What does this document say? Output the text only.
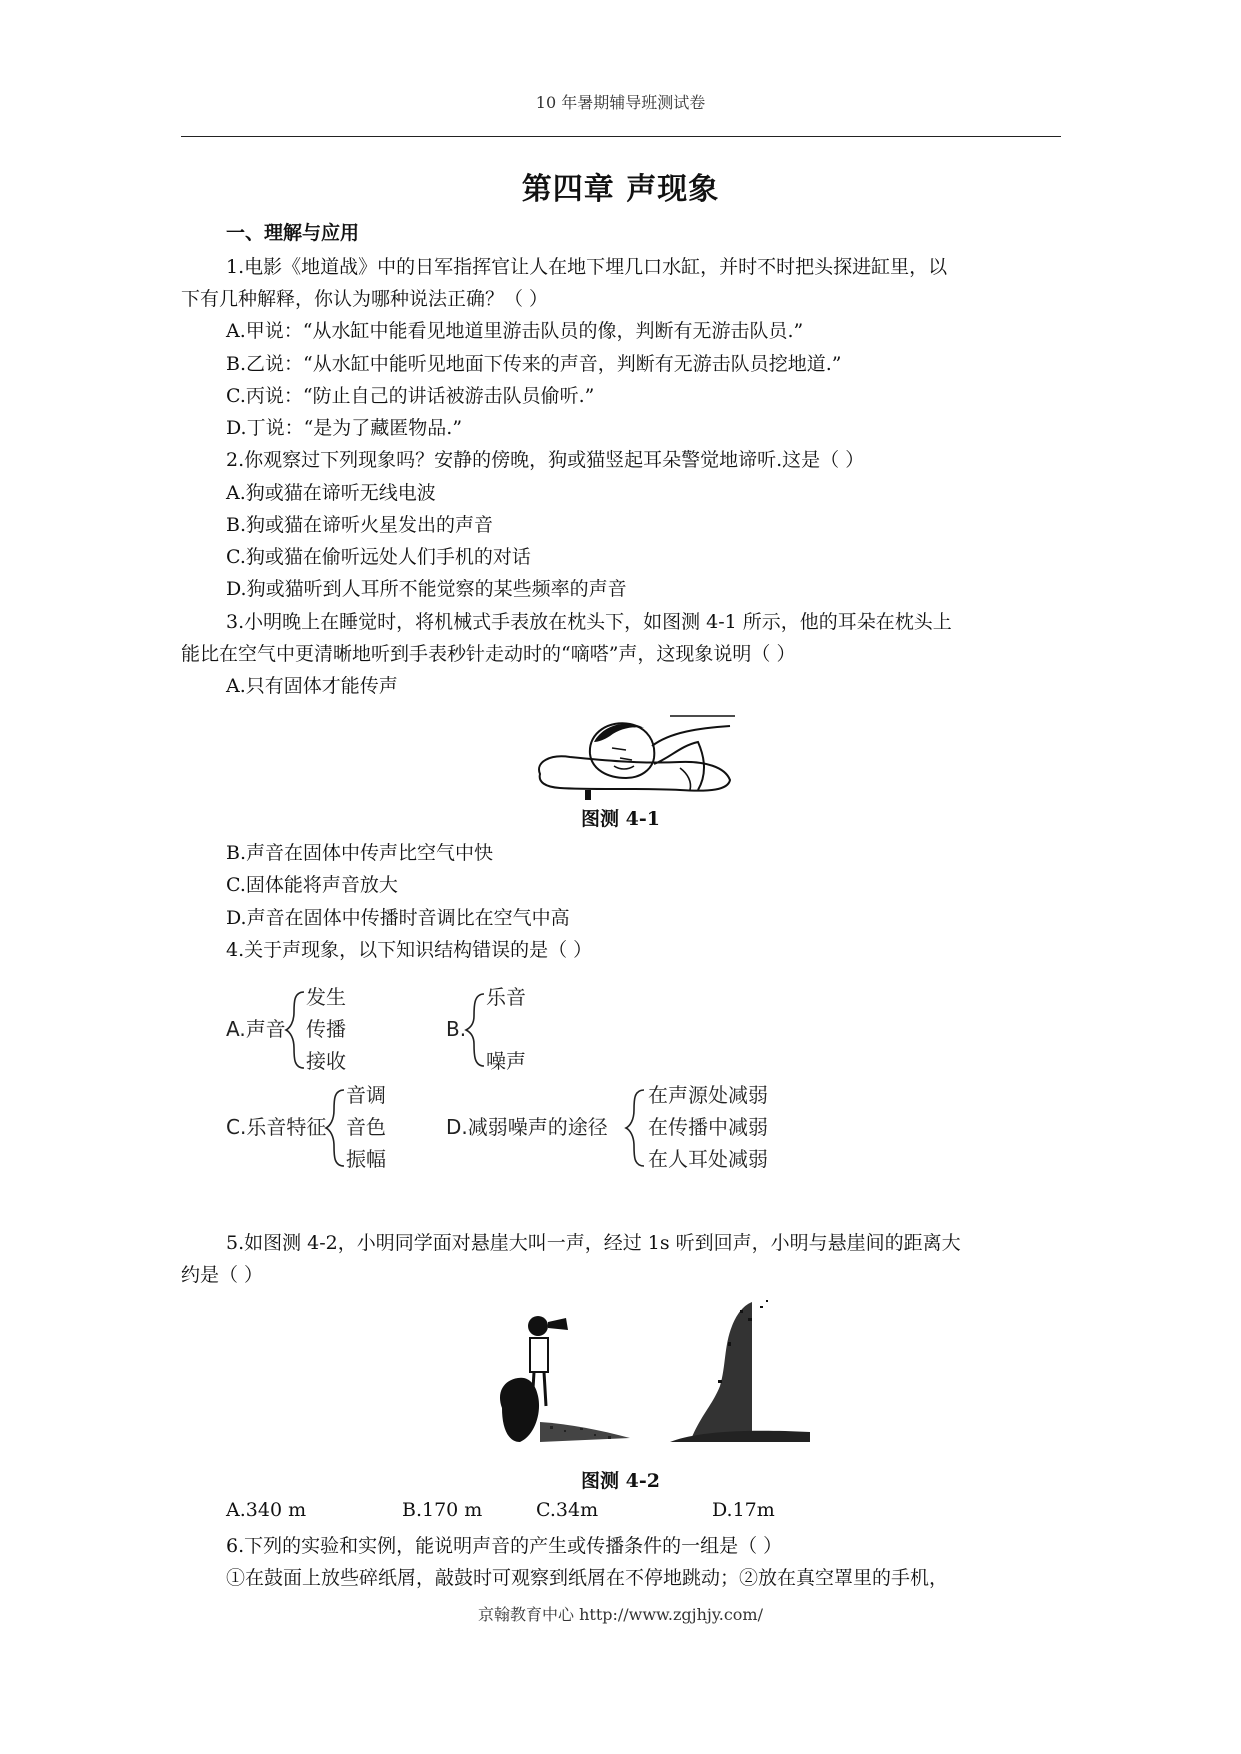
10 年暑期辅导班测试卷
第四章 声现象
一、理解与应用
1.电影《地道战》中的日军指挥官让人在地下埋几口水缸，并时不时把头探进缸里，以
下有几种解释，你认为哪种说法正确？（ ）
A.甲说：“从水缸中能看见地道里游击队员的像，判断有无游击队员.”
B.乙说：“从水缸中能听见地面下传来的声音，判断有无游击队员挖地道.”
C.丙说：“防止自己的讲话被游击队员偷听.”
D.丁说：“是为了藏匿物品.”
2.你观察过下列现象吗？安静的傍晚，狗或猫竖起耳朵警觉地谛听.这是（ ）
A.狗或猫在谛听无线电波
B.狗或猫在谛听火星发出的声音
C.狗或猫在偷听远处人们手机的对话
D.狗或猫听到人耳所不能觉察的某些频率的声音
3.小明晚上在睡觉时，将机械式手表放在枕头下，如图测 4-1 所示，他的耳朵在枕头上
能比在空气中更清晰地听到手表秒针走动时的“嘀嗒”声，这现象说明（ ）
A.只有固体才能传声
图测 4-1
B.声音在固体中传声比空气中快
C.固体能将声音放大
D.声音在固体中传播时音调比在空气中高
4.关于声现象，以下知识结构错误的是（ ）
A.声音
发生
传播
接收
B.
乐音
噪声
C.乐音特征
音调
音色
振幅
D.减弱噪声的途径
在声源处减弱
在传播中减弱
在人耳处减弱
5.如图测 4-2，小明同学面对悬崖大叫一声，经过 1s 听到回声，小明与悬崖间的距离大
约是（ ）
图测 4-2
A.340 m	B.170 m	C.34m	D.17m
6.下列的实验和实例，能说明声音的产生或传播条件的一组是（ ）
①在鼓面上放些碎纸屑，敲鼓时可观察到纸屑在不停地跳动；②放在真空罩里的手机，
京翰教育中心 http://www.zgjhjy.com/
